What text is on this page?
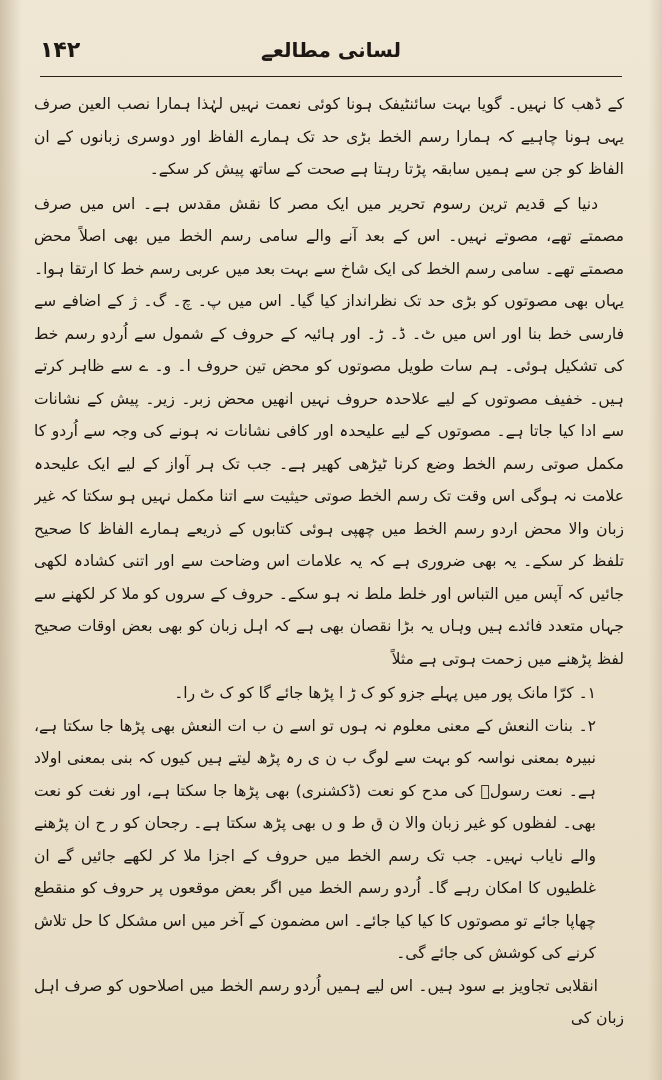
۱۴۲	لسانی مطالعے

کے ڈھب کا نہیں۔ گویا بہت سائنٹیفک ہونا کوئی نعمت نہیں لہٰذا ہمارا نصب العین صرف یہی ہونا چاہیے کہ ہمارا رسم الخط بڑی حد تک ہمارے الفاظ اور دوسری زبانوں کے ان الفاظ کو جن سے ہمیں سابقہ پڑتا رہتا ہے صحت کے ساتھ پیش کر سکے۔

دنیا کے قدیم ترین رسوم تحریر میں ایک مصر کا نقش مقدس ہے۔ اس میں صرف مصمتے تھے، مصوتے نہیں۔ اس کے بعد آنے والے سامی رسم الخط میں بھی اصلاً محض مصمتے تھے۔ سامی رسم الخط کی ایک شاخ سے بہت بعد میں عربی رسم خط کا ارتقا ہوا۔ یہاں بھی مصوتوں کو بڑی حد تک نظرانداز کیا گیا۔ اس میں پ۔ چ۔ گ۔ ژ کے اضافے سے فارسی خط بنا اور اس میں ٹ۔ ڈ۔ ڑ۔ اور ہائیہ کے حروف کے شمول سے اُردو رسم خط کی تشکیل ہوئی۔ ہم سات طویل مصوتوں کو محض تین حروف ا۔ و۔ ے سے ظاہر کرتے ہیں۔ خفیف مصوتوں کے لیے علاحدہ حروف نہیں انھیں محض زبر۔ زیر۔ پیش کے نشانات سے ادا کیا جاتا ہے۔ مصوتوں کے لیے علیحدہ اور کافی نشانات نہ ہونے کی وجہ سے اُردو کا مکمل صوتی رسم الخط وضع کرنا ٹیڑھی کھیر ہے۔ جب تک ہر آواز کے لیے ایک علیحدہ علامت نہ ہوگی اس وقت تک رسم الخط صوتی حیثیت سے اتنا مکمل نہیں ہو سکتا کہ غیر زبان والا محض اردو رسم الخط میں چھپی ہوئی کتابوں کے ذریعے ہمارے الفاظ کا صحیح تلفظ کر سکے۔ یہ بھی ضروری ہے کہ یہ علامات اس وضاحت سے اور اتنی کشادہ لکھی جائیں کہ آپس میں التباس اور خلط ملط نہ ہو سکے۔ حروف کے سروں کو ملا کر لکھنے سے جہاں متعدد فائدے ہیں وہاں یہ بڑا نقصان بھی ہے کہ اہل زبان کو بھی بعض اوقات صحیح لفظ پڑھنے میں زحمت ہوتی ہے مثلاً

۱۔ کرّا مانک پور میں پہلے جزو کو ک ڑ ا پڑھا جائے گا کو ک ٹ را۔

۲۔ بنات النعش کے معنی معلوم نہ ہوں تو اسے ن ب ات النعش بھی پڑھا جا سکتا ہے، نبیرہ بمعنی نواسہ کو بہت سے لوگ ب ن ی رہ پڑھ لیتے ہیں کیوں کہ بنی بمعنی اولاد ہے۔ نعت رسولؐ کی مدح کو نعت (ڈکشنری) بھی پڑھا جا سکتا ہے، اور نغت کو نعت بھی۔ لفظوں کو غیر زبان والا ن ق ط و ں بھی پڑھ سکتا ہے۔ رجحان کو ر ح ان پڑھنے والے نایاب نہیں۔ جب تک رسم الخط میں حروف کے اجزا ملا کر لکھے جائیں گے ان غلطیوں کا امکان رہے گا۔ اُردو رسم الخط میں اگر بعض موقعوں پر حروف کو منقطع چھاپا جائے تو مصوتوں کا کیا کیا جائے۔ اس مضمون کے آخر میں اس مشکل کا حل تلاش کرنے کی کوشش کی جائے گی۔

انقلابی تجاویز بے سود ہیں۔ اس لیے ہمیں اُردو رسم الخط میں اصلاحوں کو صرف اہل زبان کی
